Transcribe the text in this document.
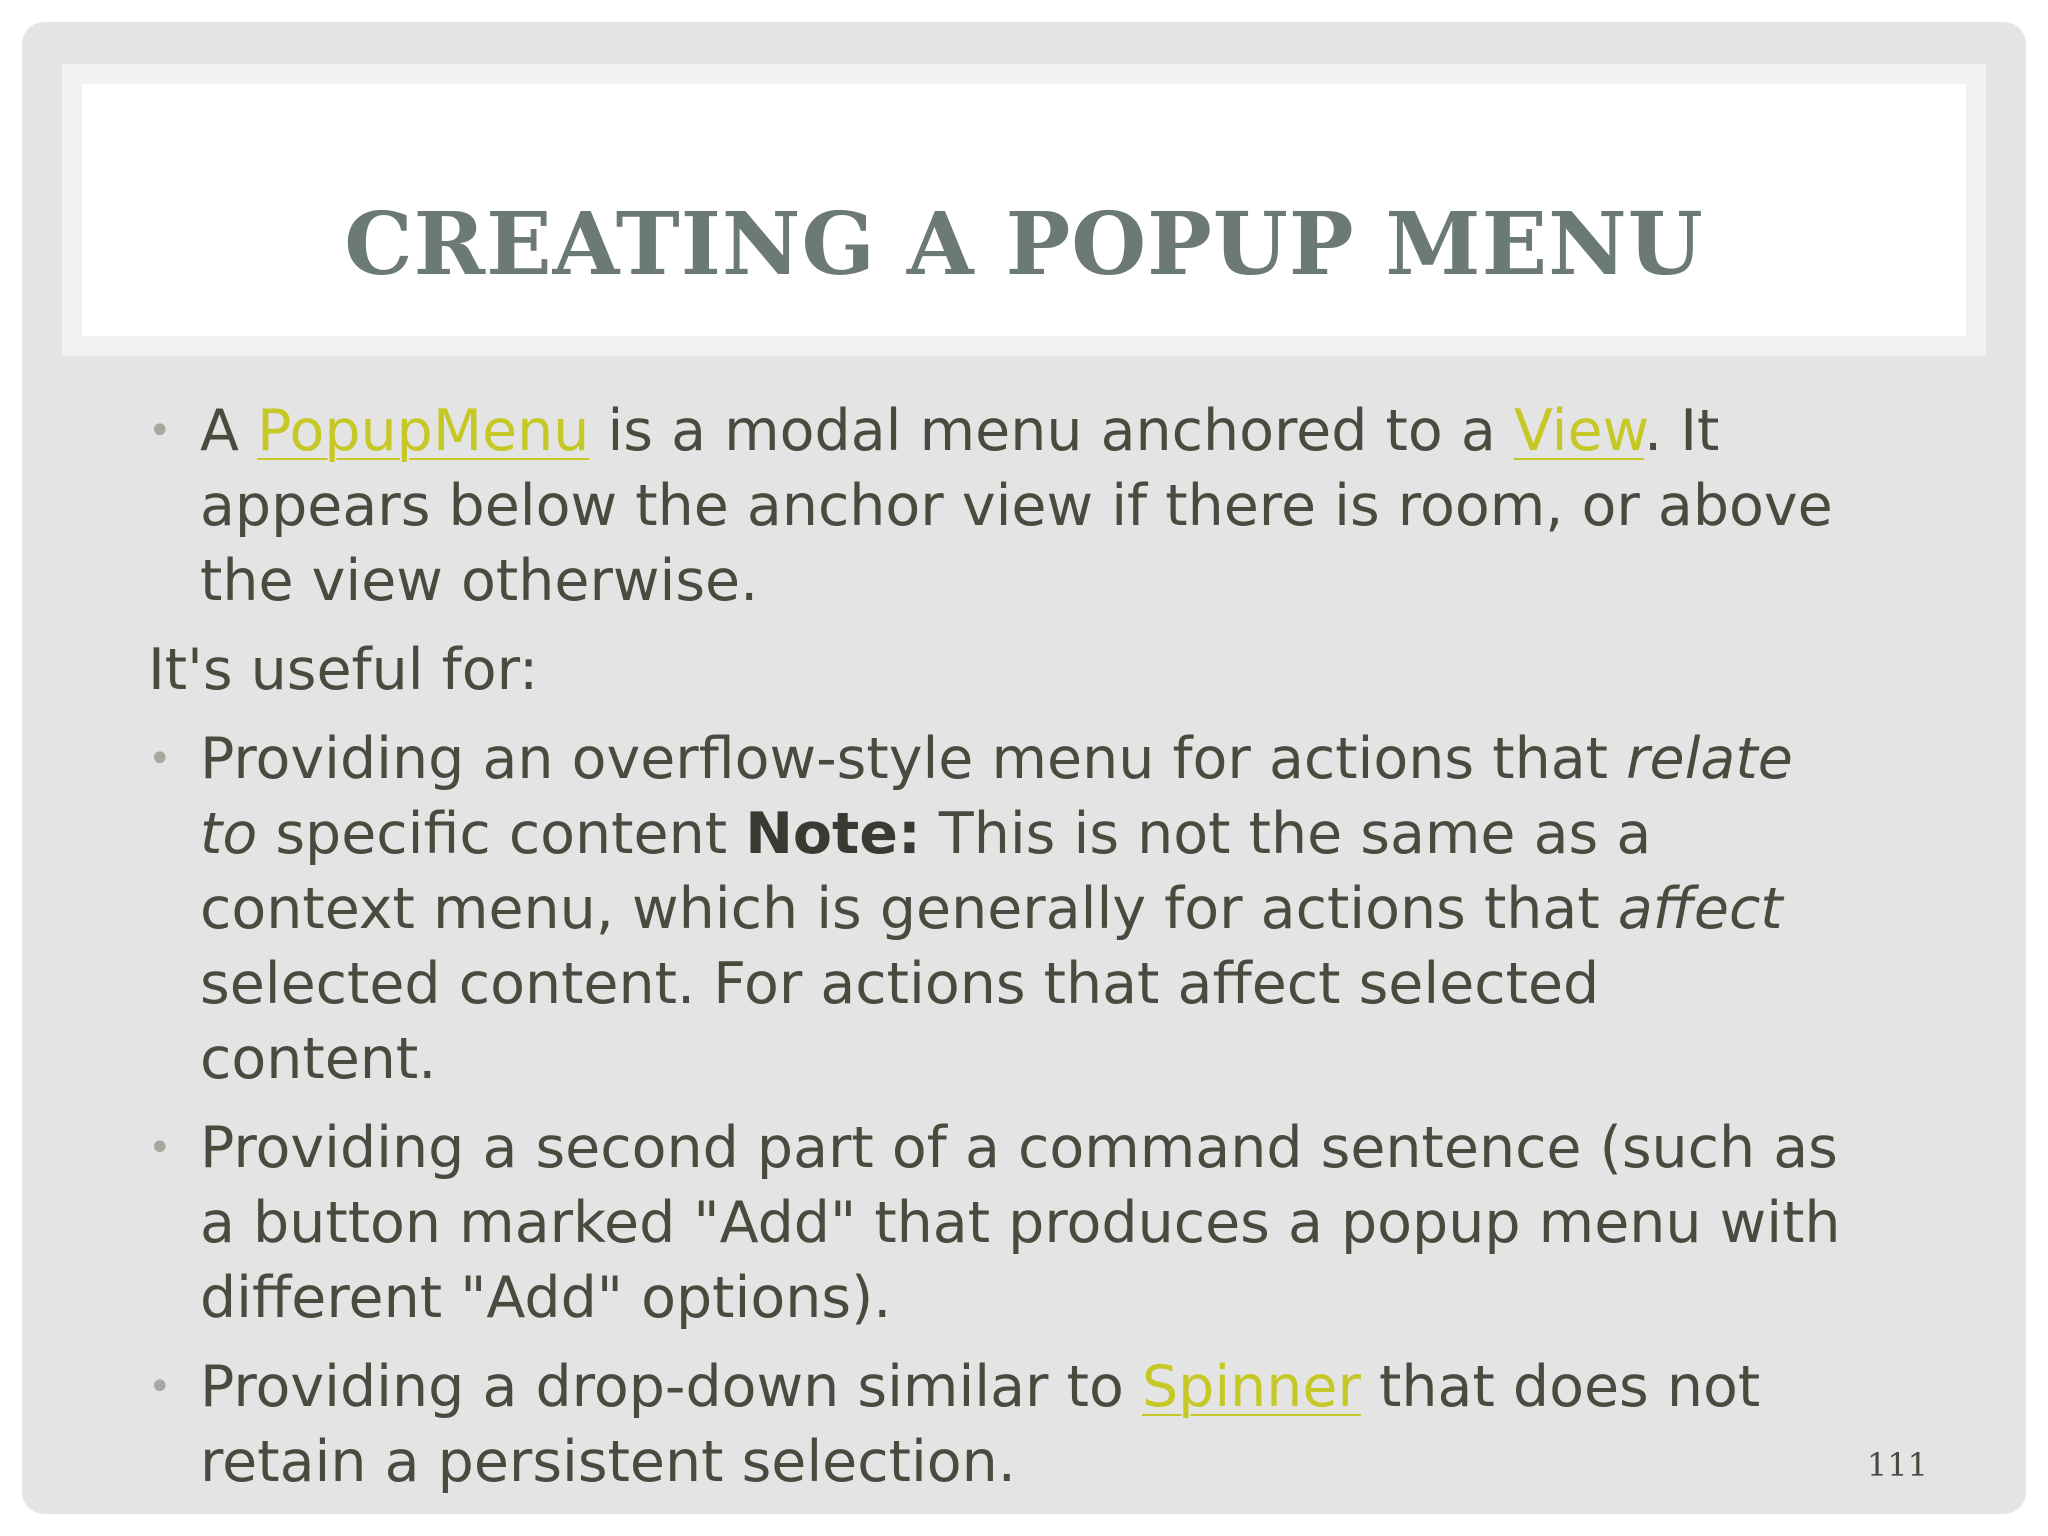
CREATING A POPUP MENU

• A PopupMenu is a modal menu anchored to a View. It appears below the anchor view if there is room, or above the view otherwise.

It's useful for:

• Providing an overflow-style menu for actions that relate to specific content Note: This is not the same as a context menu, which is generally for actions that affect selected content. For actions that affect selected content.

• Providing a second part of a command sentence (such as a button marked "Add" that produces a popup menu with different "Add" options).

• Providing a drop-down similar to Spinner that does not retain a persistent selection.	111
